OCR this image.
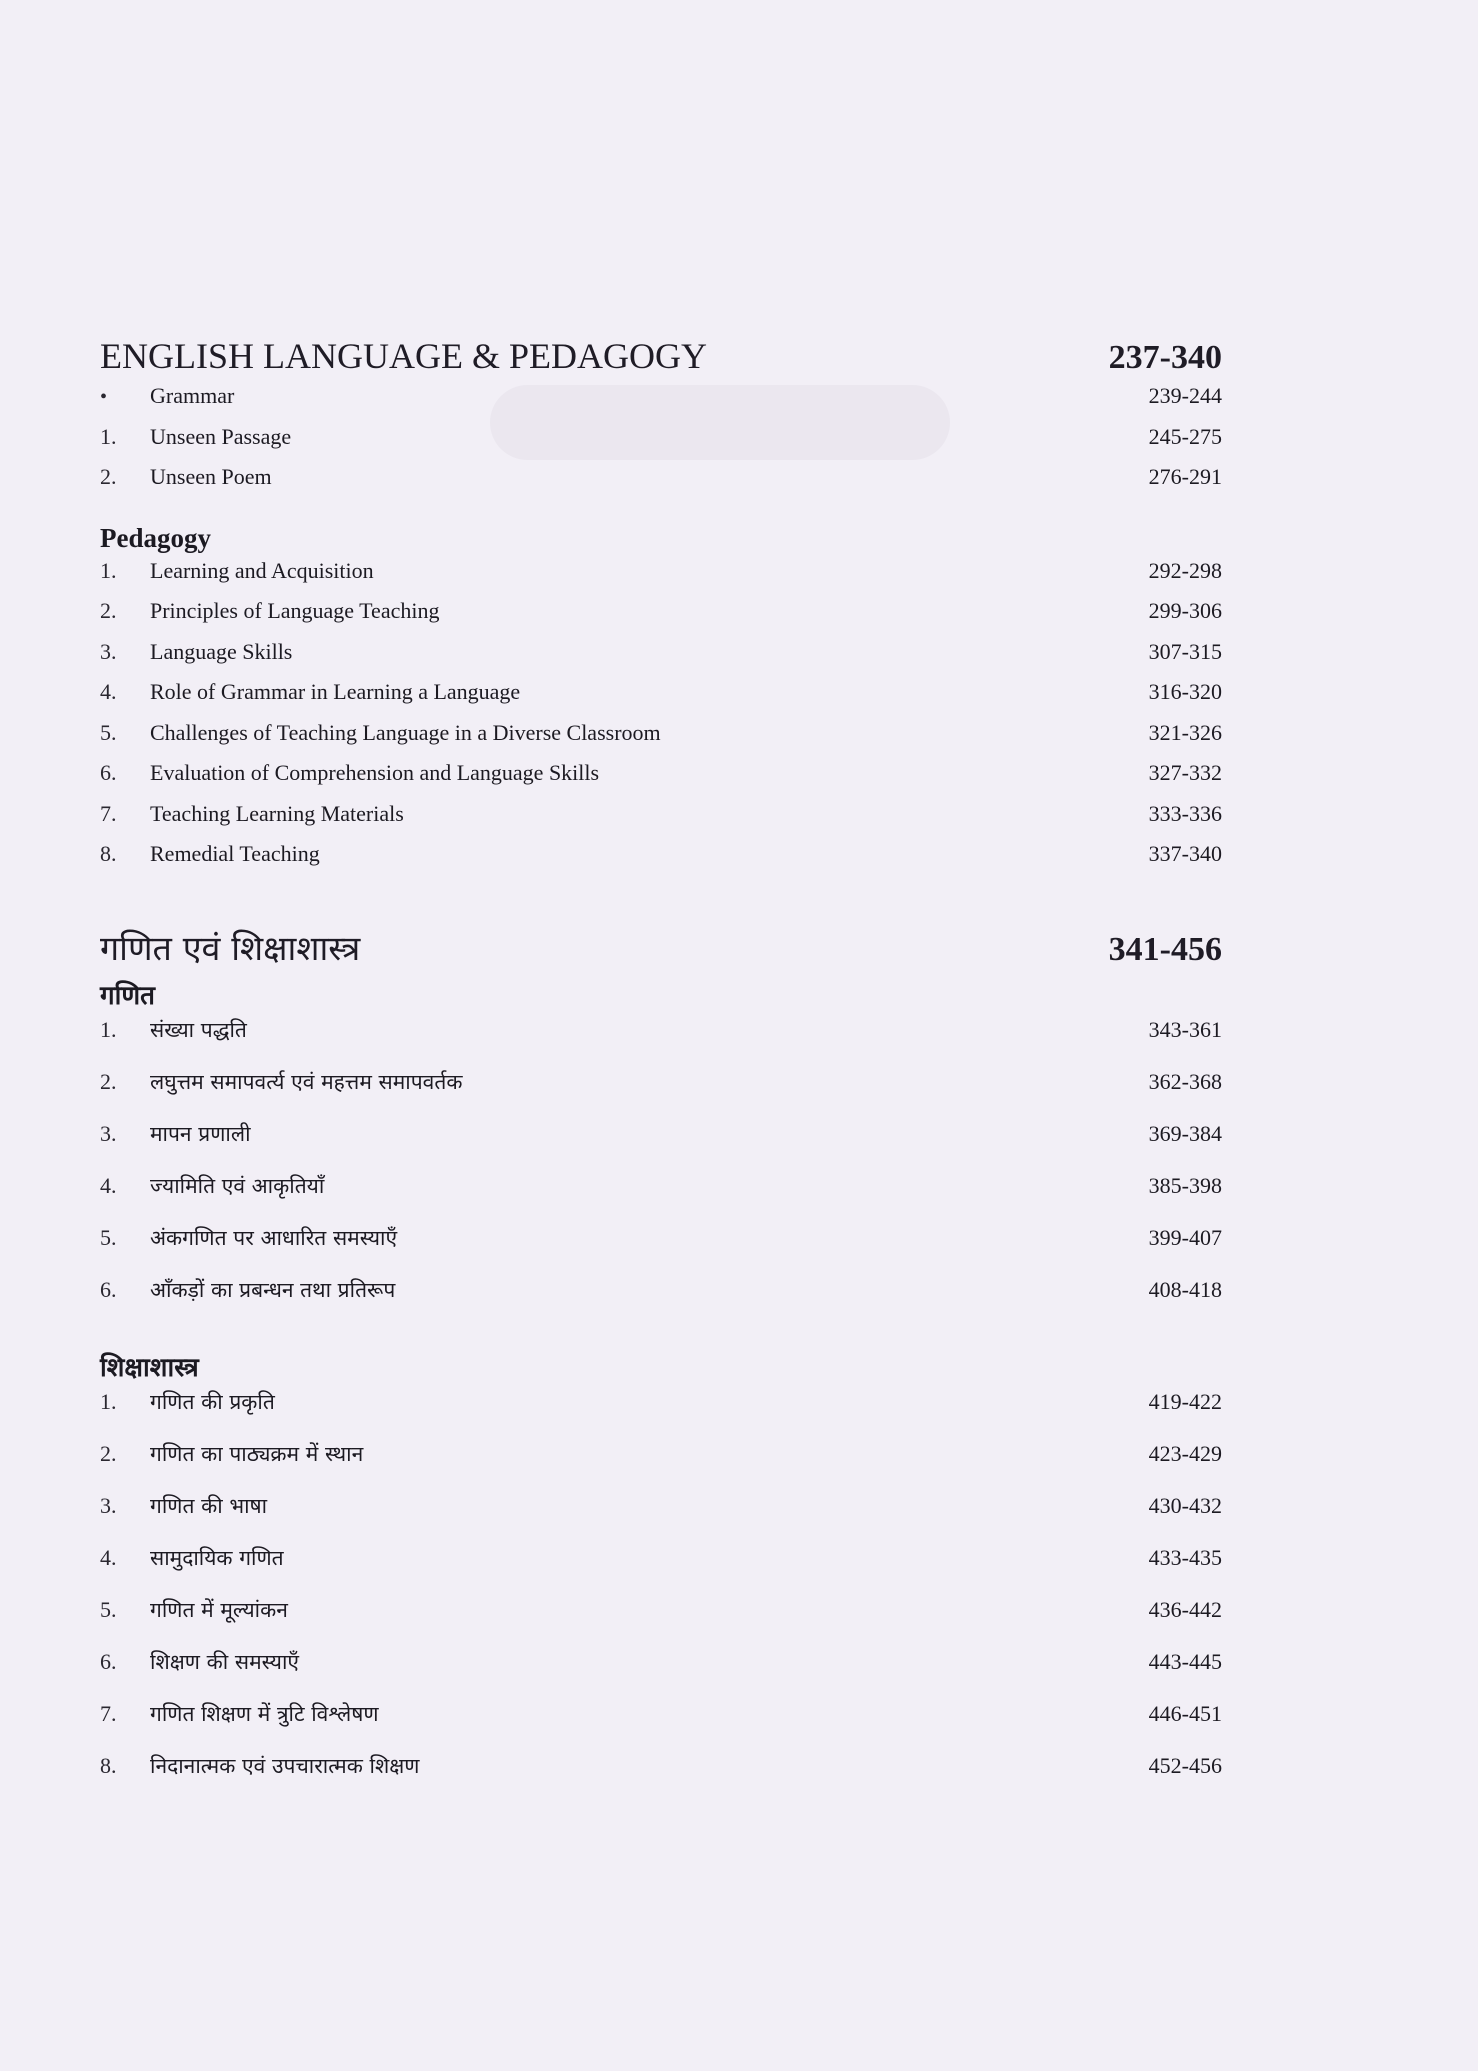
ENGLISH LANGUAGE & PEDAGOGY	237-340
•	Grammar	239-244
1.	Unseen Passage	245-275
2.	Unseen Poem	276-291
Pedagogy
1.	Learning and Acquisition	292-298
2.	Principles of Language Teaching	299-306
3.	Language Skills	307-315
4.	Role of Grammar in Learning a Language	316-320
5.	Challenges of Teaching Language in a Diverse Classroom	321-326
6.	Evaluation of Comprehension and Language Skills	327-332
7.	Teaching Learning Materials	333-336
8.	Remedial Teaching	337-340
गणित एवं शिक्षाशास्त्र	341-456
गणित
1.	संख्या पद्धति	343-361
2.	लघुत्तम समापवर्त्य एवं महत्तम समापवर्तक	362-368
3.	मापन प्रणाली	369-384
4.	ज्यामिति एवं आकृतियाँ	385-398
5.	अंकगणित पर आधारित समस्याएँ	399-407
6.	आँकड़ों का प्रबन्धन तथा प्रतिरूप	408-418
शिक्षाशास्त्र
1.	गणित की प्रकृति	419-422
2.	गणित का पाठ्यक्रम में स्थान	423-429
3.	गणित की भाषा	430-432
4.	सामुदायिक गणित	433-435
5.	गणित में मूल्यांकन	436-442
6.	शिक्षण की समस्याएँ	443-445
7.	गणित शिक्षण में त्रुटि विश्लेषण	446-451
8.	निदानात्मक एवं उपचारात्मक शिक्षण	452-456
